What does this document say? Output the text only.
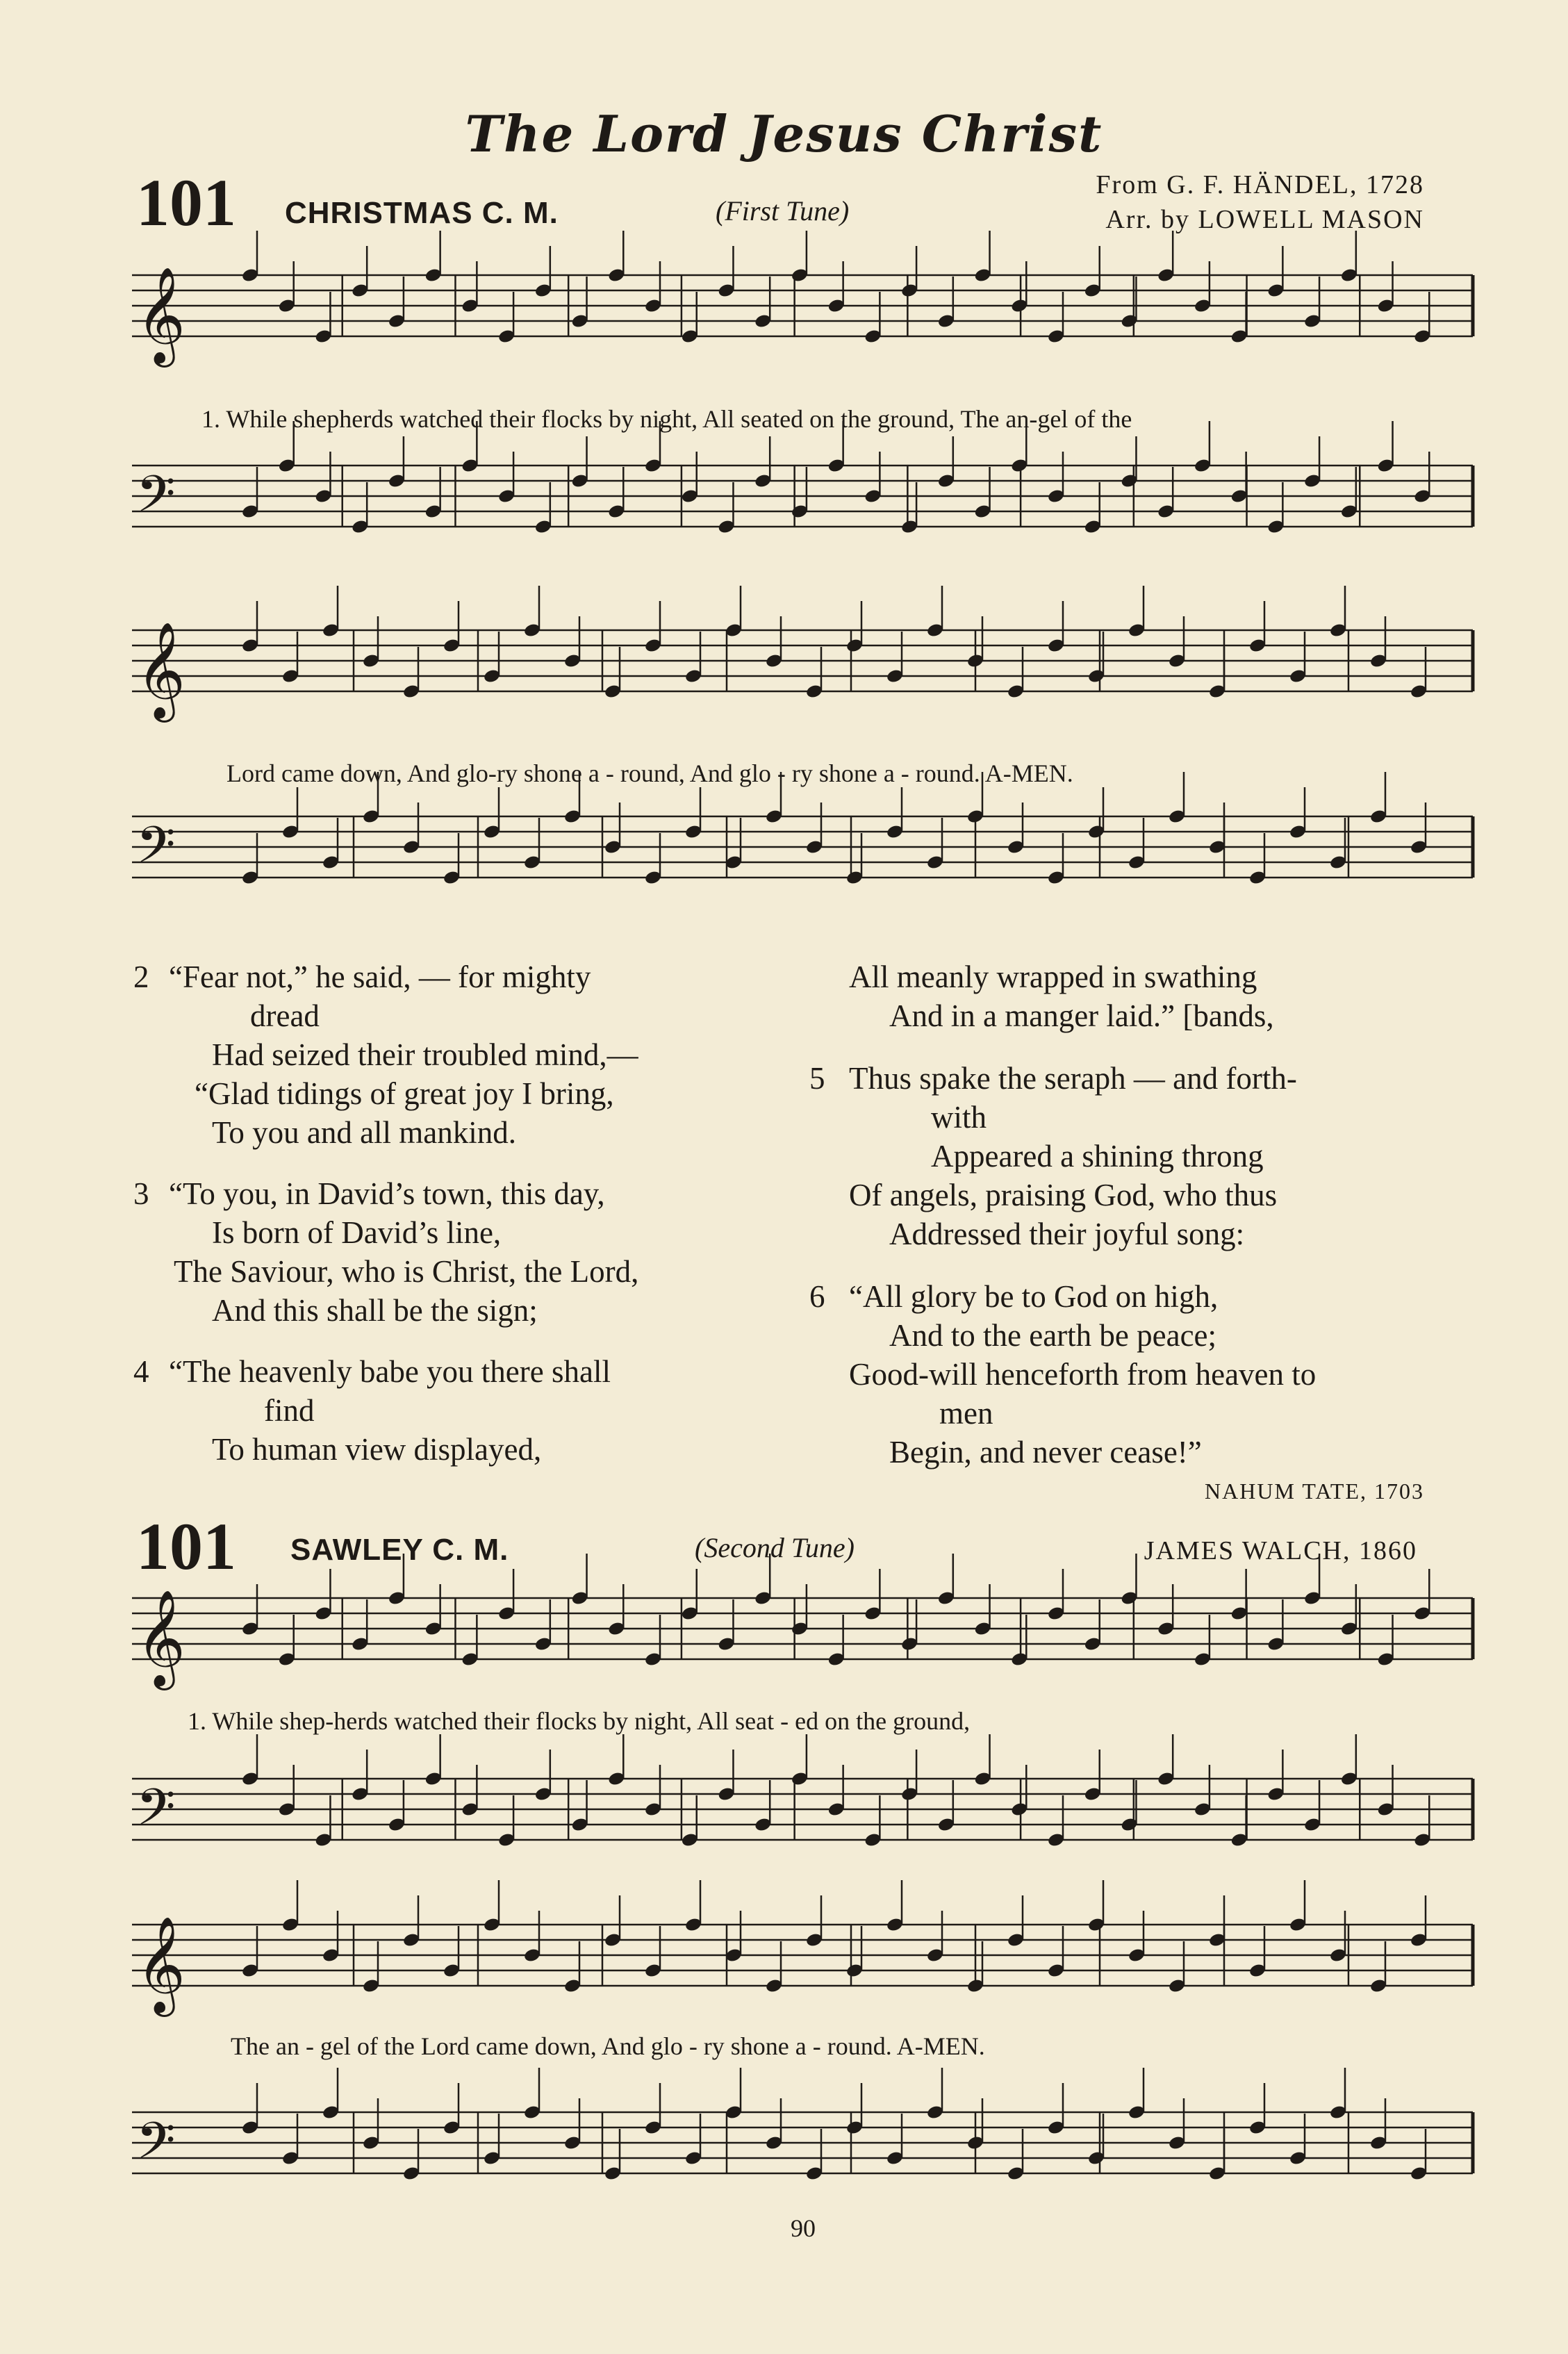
The Lord Jesus Christ
101 CHRISTMAS C. M.	(First Tune)
From G. F. HÄNDEL, 1728
Arr. by LOWELL MASON
𝄞
𝄢
𝄞
𝄢
𝄞
𝄢
𝄞
𝄢
1. While shepherds watched their flocks by night, All seated on the ground, The an-gel of the
Lord came down, And glo-ry shone a - round, And glo - ry shone a - round. A-MEN.
2 “Fear not,” he said, — for mighty
dread
Had seized their troubled mind,—
“Glad tidings of great joy I bring,
To you and all mankind.
3 “To you, in David’s town, this day,
Is born of David’s line,
The Saviour, who is Christ, the Lord,
And this shall be the sign;
4 “The heavenly babe you there shall
find
To human view displayed,
All meanly wrapped in swathing
And in a manger laid.” [bands,
5 Thus spake the seraph — and forth-
with
Appeared a shining throng
Of angels, praising God, who thus
Addressed their joyful song:
6 “All glory be to God on high,
And to the earth be peace;
Good-will henceforth from heaven to
men
Begin, and never cease!”
NAHUM TATE, 1703
101 SAWLEY C. M.	(Second Tune)	JAMES WALCH, 1860
1. While shep-herds watched their flocks by night, All seat - ed on the ground,
The an - gel of the Lord came down, And glo - ry shone a - round. A-MEN.
90
